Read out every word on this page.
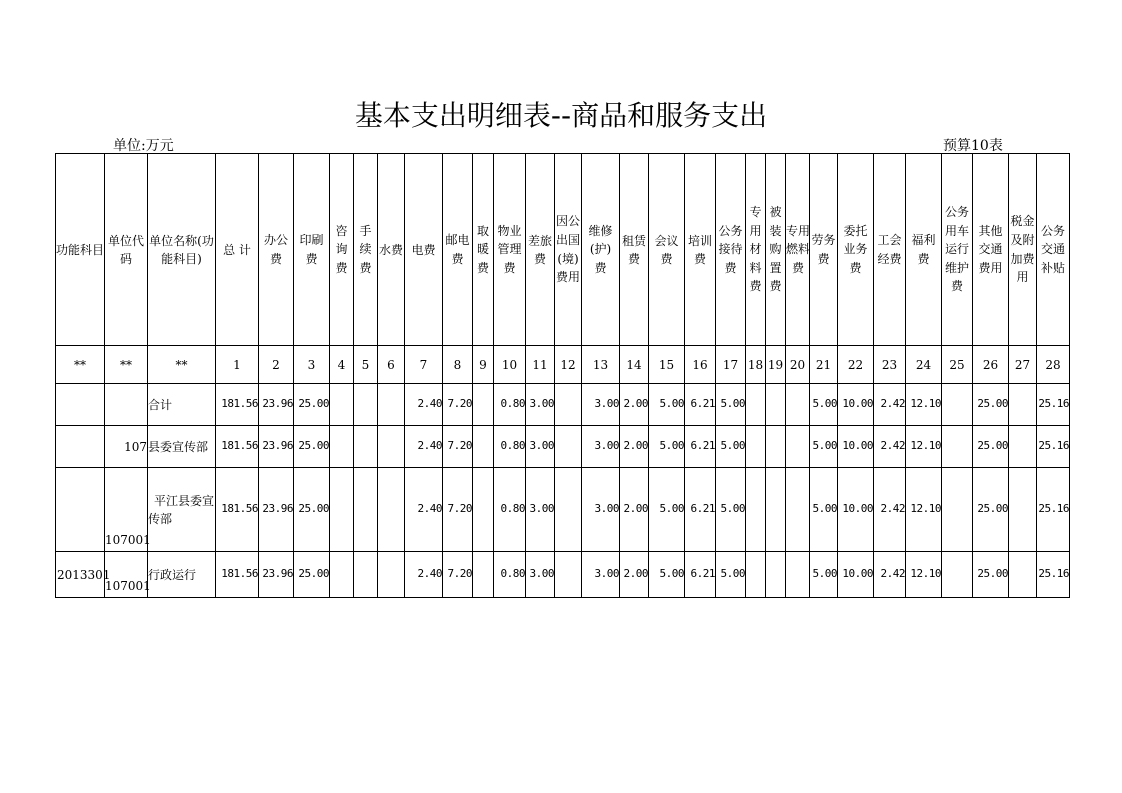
基本支出明细表--商品和服务支出
单位:万元	预算10表
功能科目	单位代码	单位名称(功能科目)	总 计	办公费	印刷费	咨询费	手续费	水费	电费	邮电费	取暖费	物业管理费	差旅费	因公出国(境)费用	维修(护)费	租赁费	会议费	培训费	公务接待费	专用材料费	被装购置费	专用燃料费	劳务费	委托业务费	工会经费	福利费	公务用车运行维护费	其他交通费用	税金及附加费用	公务交通补贴
**	**	**	1	2	3	4	5	6	7	8	9	10	11	12	13	14	15	16	17	18	19	20	21	22	23	24	25	26	27	28
		合计	181.56	23.96	25.00				2.40	7.20		0.80	3.00		3.00	2.00	5.00	6.21	5.00				5.00	10.00	2.42	12.10		25.00		25.16
	107	县委宣传部	181.56	23.96	25.00				2.40	7.20		0.80	3.00		3.00	2.00	5.00	6.21	5.00				5.00	10.00	2.42	12.10		25.00		25.16
	107001	平江县委宣传部	181.56	23.96	25.00				2.40	7.20		0.80	3.00		3.00	2.00	5.00	6.21	5.00				5.00	10.00	2.42	12.10		25.00		25.16
2013301	107001	行政运行	181.56	23.96	25.00				2.40	7.20		0.80	3.00		3.00	2.00	5.00	6.21	5.00				5.00	10.00	2.42	12.10		25.00		25.16
